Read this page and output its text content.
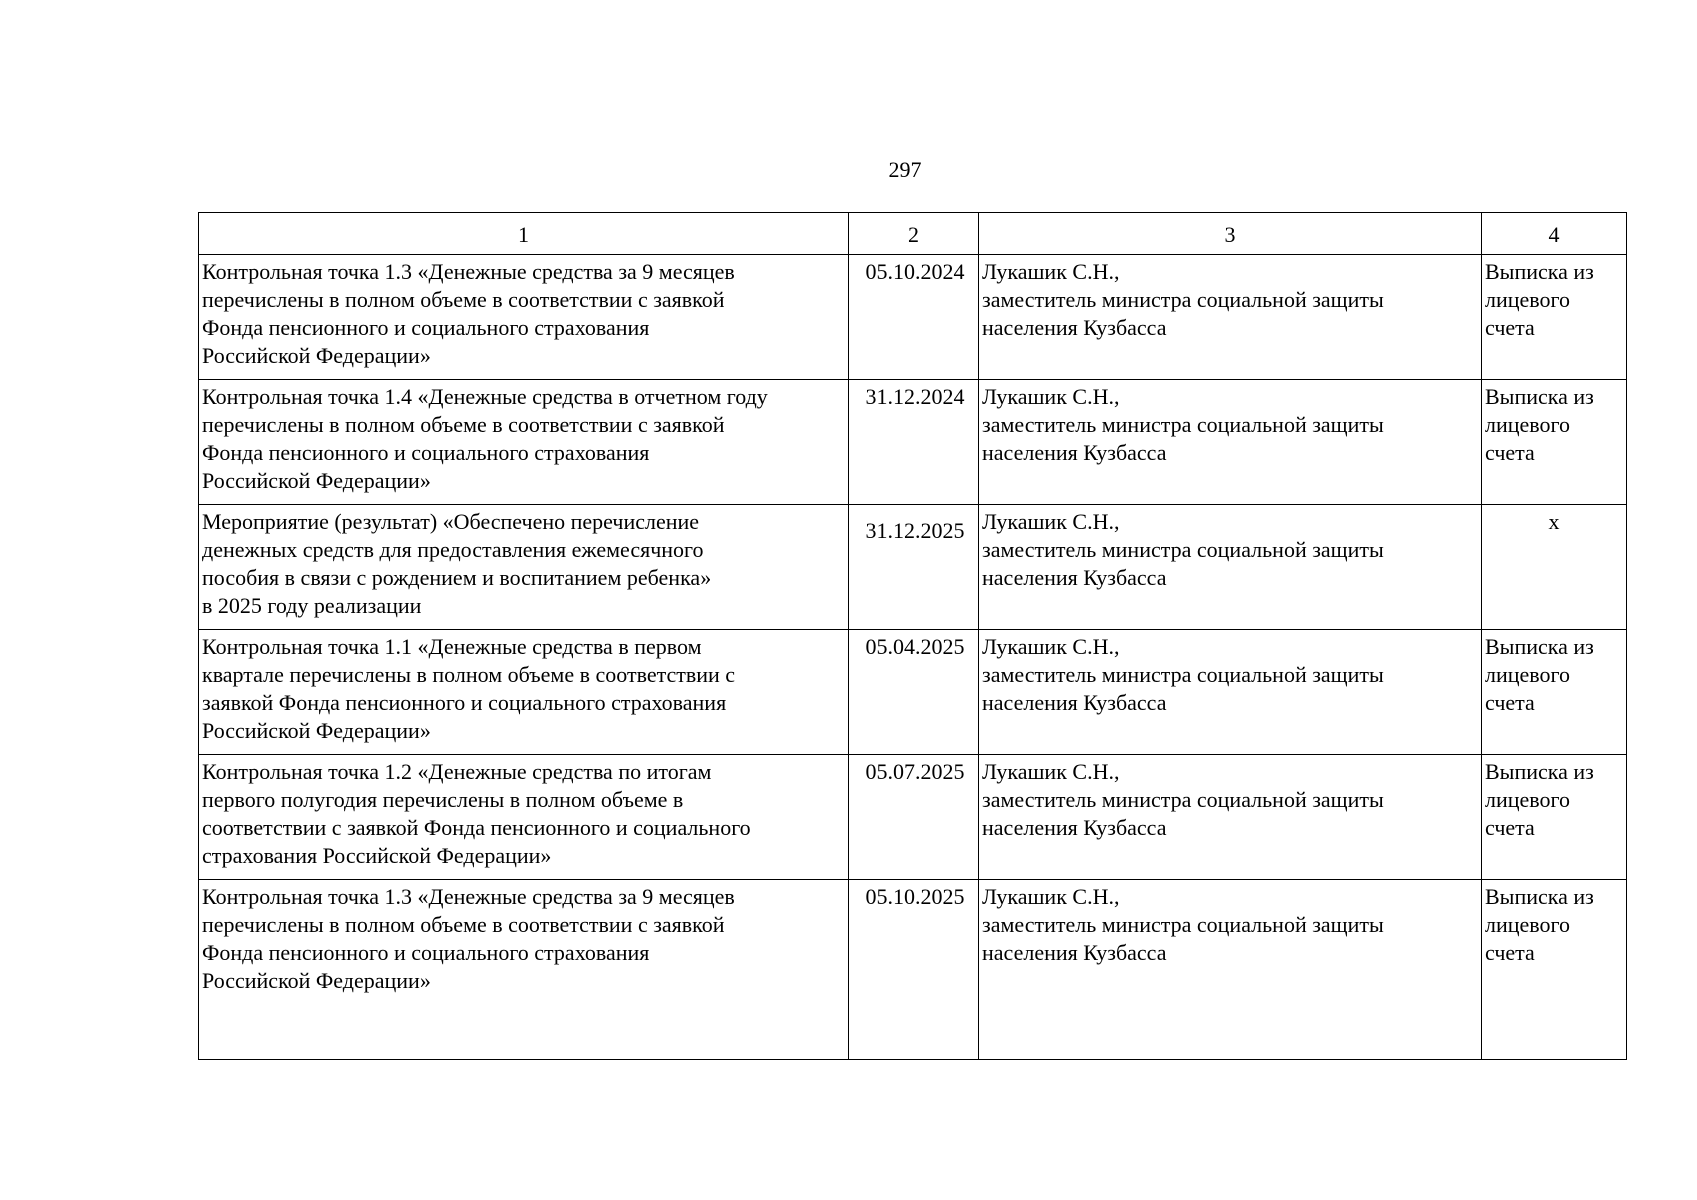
297
1	2	3	4

Контрольная точка 1.3 «Денежные средства за 9 месяцев
перечислены в полном объеме в соответствии с заявкой
Фонда пенсионного и социального страхования
Российской Федерации»	05.10.2024	Лукашик С.Н.,
заместитель министра социальной защиты
населения Кузбасса	Выписка из
лицевого
счета

Контрольная точка 1.4 «Денежные средства в отчетном году
перечислены в полном объеме в соответствии с заявкой
Фонда пенсионного и социального страхования
Российской Федерации»	31.12.2024	Лукашик С.Н.,
заместитель министра социальной защиты
населения Кузбасса	Выписка из
лицевого
счета

Мероприятие (результат) «Обеспечено перечисление
денежных средств для предоставления ежемесячного
пособия в связи с рождением и воспитанием ребенка»
в 2025 году реализации	31.12.2025	Лукашик С.Н.,
заместитель министра социальной защиты
населения Кузбасса	x

Контрольная точка 1.1 «Денежные средства в первом
квартале перечислены в полном объеме в соответствии с
заявкой Фонда пенсионного и социального страхования
Российской Федерации»	05.04.2025	Лукашик С.Н.,
заместитель министра социальной защиты
населения Кузбасса	Выписка из
лицевого
счета

Контрольная точка 1.2 «Денежные средства по итогам
первого полугодия перечислены в полном объеме в
соответствии с заявкой Фонда пенсионного и социального
страхования Российской Федерации»	05.07.2025	Лукашик С.Н.,
заместитель министра социальной защиты
населения Кузбасса	Выписка из
лицевого
счета

Контрольная точка 1.3 «Денежные средства за 9 месяцев
перечислены в полном объеме в соответствии с заявкой
Фонда пенсионного и социального страхования
Российской Федерации»	05.10.2025	Лукашик С.Н.,
заместитель министра социальной защиты
населения Кузбасса	Выписка из
лицевого
счета
